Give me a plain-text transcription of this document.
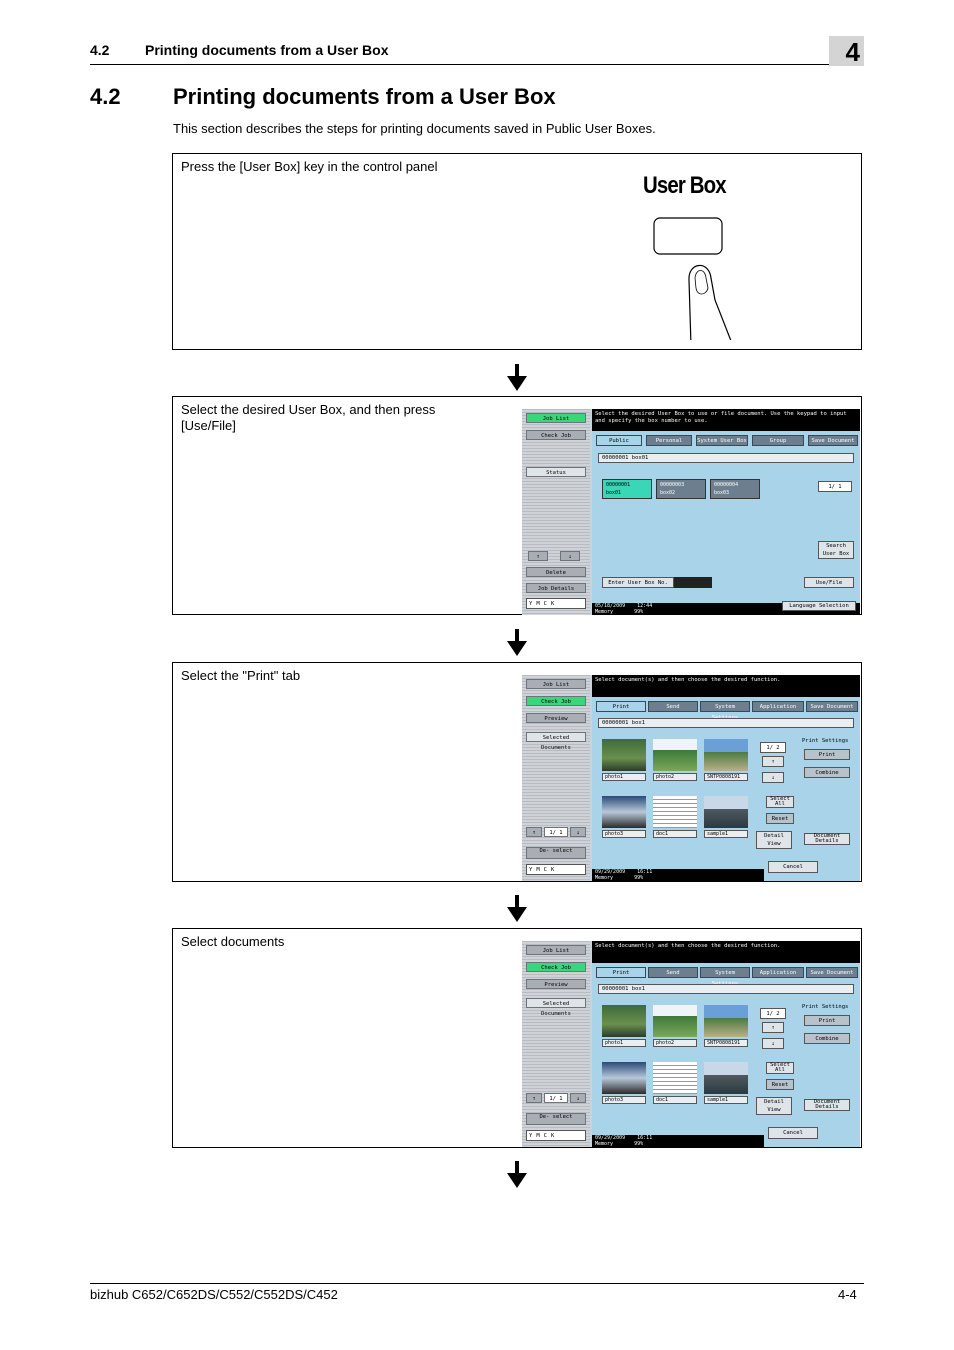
4.2	Printing documents from a User Box	4
4.2 Printing documents from a User Box
This section describes the steps for printing documents saved in Public User Boxes.
Press the [User Box] key in the control panel
User Box
Select the desired User Box, and then press [Use/File]	Job List
Check Job
Status
↑	↓
Delete
Job Details
YMCK
Select the desired User Box to use or file document. Use the keypad to input and specify the box number to use.
Public	Personal	System User Box	Group	Save Document
00000001 box01
00000001
box01
00000003
box02
00000004
box03
1/ 1
Search User Box
Enter User Box No.	Use/File
05/18/2009 12:44
Memory	99%
Language Selection
Select the "Print" tab
Job List
Check Job
Preview
Selected Documents
↑	1/ 1	↓
De- select
YMCK
Select document(s) and then choose the desired function.
Print	Send	System	Application	Save Document
00000001 box1
photo1	photo2	SNTP0808191
photo3	doc1	sample1
1/ 2
↑
↓
Select All
Reset
Detail View
Print Settings
Print
Combine
Document Details
09/29/2009 16:11
Memory	99%
Cancel
Select documents
Job List
Check Job
Preview
Selected Documents
↑	1/ 1	↓
De- select
YMCK
Select document(s) and then choose the desired function.
Print	Send	System	Application	Save Document
00000001 box1
photo1	photo2	SNTP0808191
photo3	doc1	sample1
1/ 2
↑
↓
Select All
Reset
Detail View
Print Settings
Print
Combine
Document Details
09/29/2009 16:11
Memory	99%
Cancel
bizhub C652/C652DS/C552/C552DS/C452	4-4
